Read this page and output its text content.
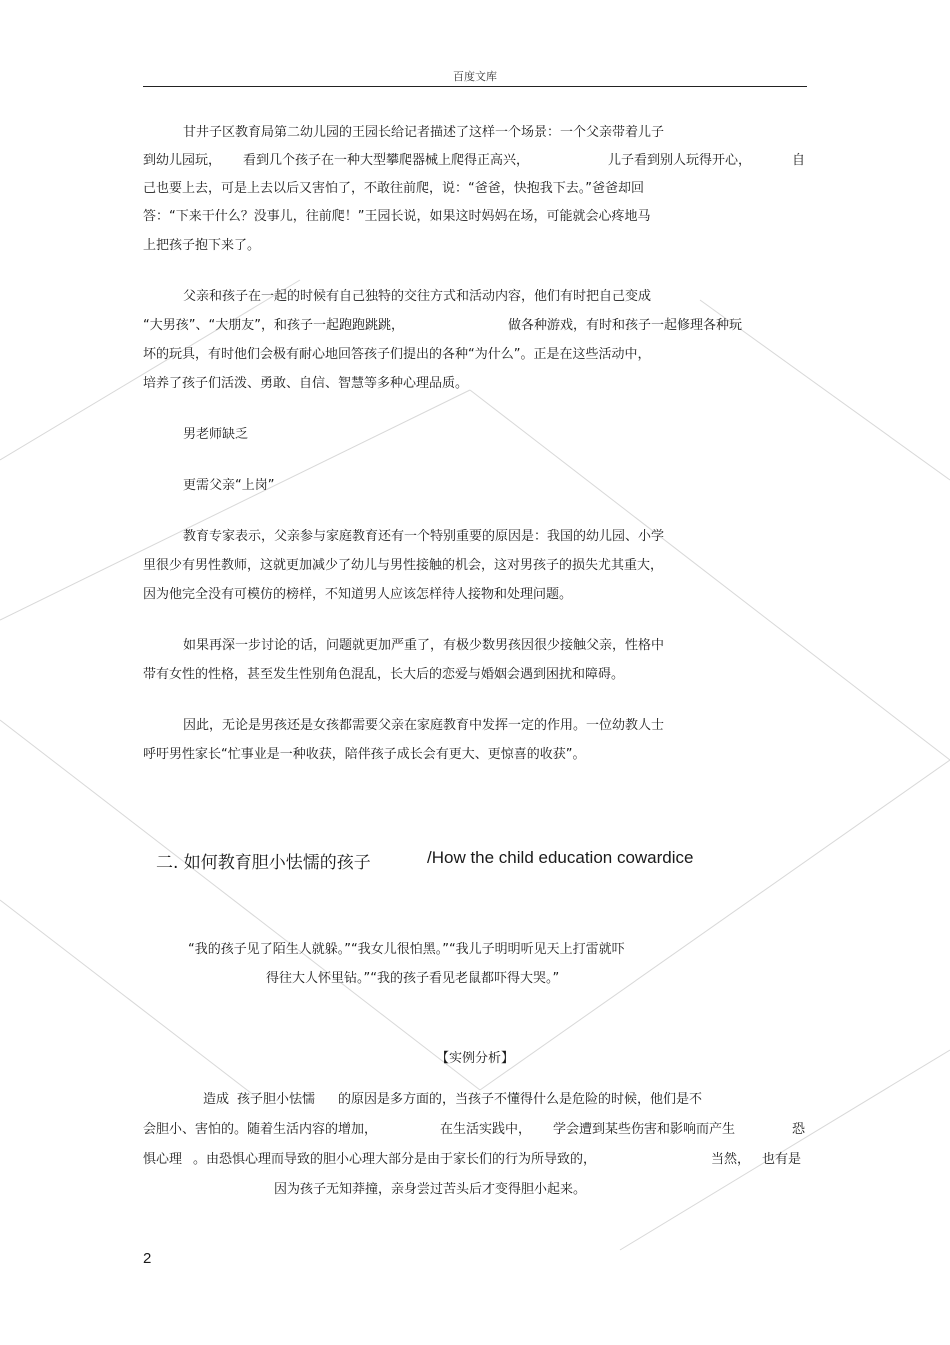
百度文库
甘井子区教育局第二幼儿园的王园长给记者描述了这样一个场景：一个父亲带着儿子
到幼儿园玩， 看到几个孩子在一种大型攀爬器械上爬得正高兴，	儿子看到别人玩得开心，	自
己也要上去，可是上去以后又害怕了，不敢往前爬，说：“爸爸，快抱我下去。”爸爸却回
答：“下来干什么？没事儿，往前爬！”王园长说，如果这时妈妈在场，可能就会心疼地马
上把孩子抱下来了。
父亲和孩子在一起的时候有自己独特的交往方式和活动内容，他们有时把自己变成
“大男孩”、“大朋友”，和孩子一起跑跑跳跳，	做各种游戏，有时和孩子一起修理各种玩
坏的玩具，有时他们会极有耐心地回答孩子们提出的各种“为什么”。正是在这些活动中，
培养了孩子们活泼、勇敢、自信、智慧等多种心理品质。
男老师缺乏
更需父亲“上岗”
教育专家表示，父亲参与家庭教育还有一个特别重要的原因是：我国的幼儿园、小学
里很少有男性教师，这就更加减少了幼儿与男性接触的机会，这对男孩子的损失尤其重大，
因为他完全没有可模仿的榜样，不知道男人应该怎样待人接物和处理问题。
如果再深一步讨论的话，问题就更加严重了，有极少数男孩因很少接触父亲，性格中
带有女性的性格，甚至发生性别角色混乱，长大后的恋爱与婚姻会遇到困扰和障碍。
因此，无论是男孩还是女孩都需要父亲在家庭教育中发挥一定的作用。一位幼教人士
呼吁男性家长“忙事业是一种收获，陪伴孩子成长会有更大、更惊喜的收获”。
二. 如何教育胆小怯懦的孩子	/How the child education cowardice
“我的孩子见了陌生人就躲。”“我女儿很怕黑。”“我儿子明明听见天上打雷就吓
得往大人怀里钻。”“我的孩子看见老鼠都吓得大哭。”
【实例分析】
造成 孩子胆小怯懦 的原因是多方面的，当孩子不懂得什么是危险的时候，他们是不
会胆小、害怕的。随着生活内容的增加，	在生活实践中， 学会遭到某些伤害和影响而产生	恐
惧心理 。由恐惧心理而导致的胆小心理大部分是由于家长们的行为所导致的，	当然， 也有是
因为孩子无知莽撞，亲身尝过苦头后才变得胆小起来。
2
